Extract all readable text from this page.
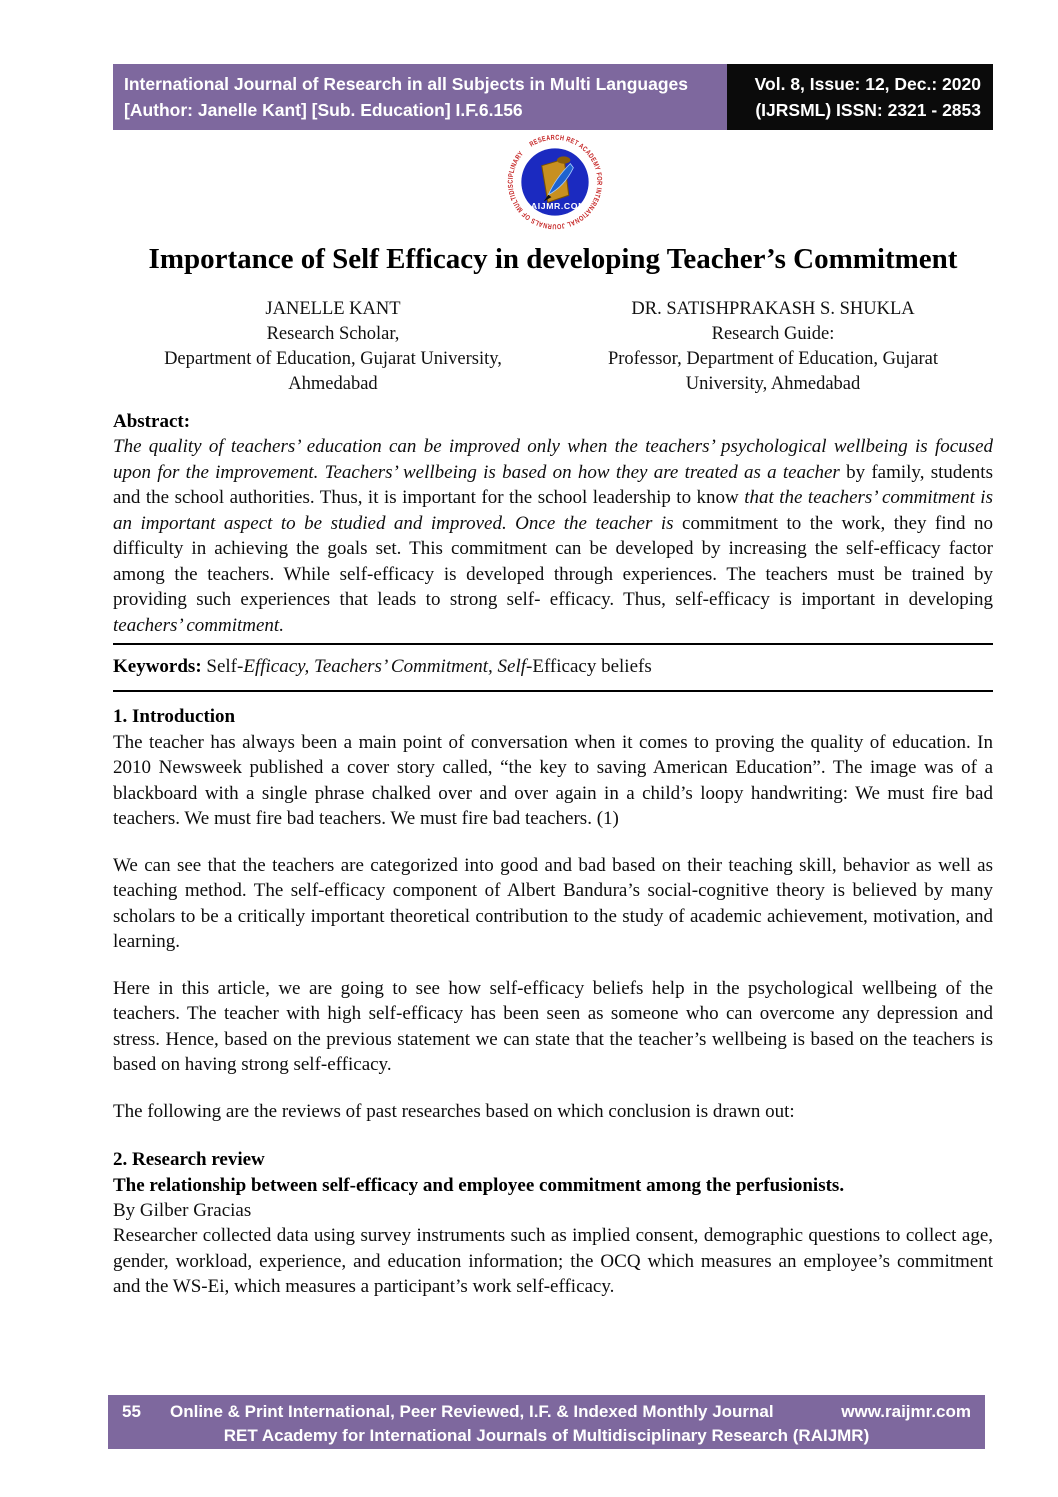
International Journal of Research in all Subjects in Multi Languages
[Author: Janelle Kant] [Sub. Education] I.F.6.156
Vol. 8, Issue: 12, Dec.: 2020
(IJRSML) ISSN: 2321 - 2853
RESEARCH RET ACADEMY FOR INTERNATIONAL JOURNALS OF MULTIDISCIPLINARY
RAIJMR.COM
Importance of Self Efficacy in developing Teacher’s Commitment
JANELLE KANT
Research Scholar,
Department of Education, Gujarat University,
Ahmedabad
DR. SATISHPRAKASH S. SHUKLA
Research Guide:
Professor, Department of Education, Gujarat
University, Ahmedabad
Abstract:

The quality of teachers’ education can be improved only when the teachers’ psychological wellbeing is focused upon for the improvement. Teachers’ wellbeing is based on how they are treated as a teacher by family, students and the school authorities. Thus, it is important for the school leadership to know that the teachers’ commitment is an important aspect to be studied and improved. Once the teacher is commitment to the work, they find no difficulty in achieving the goals set. This commitment can be developed by increasing the self-efficacy factor among the teachers. While self-efficacy is developed through experiences. The teachers must be trained by providing such experiences that leads to strong self- efficacy. Thus, self-efficacy is important in developing teachers’ commitment.

Keywords: Self-Efficacy, Teachers’ Commitment, Self-Efficacy beliefs
1. Introduction

The teacher has always been a main point of conversation when it comes to proving the quality of education. In 2010 Newsweek published a cover story called, “the key to saving American Education”. The image was of a blackboard with a single phrase chalked over and over again in a child’s loopy handwriting: We must fire bad teachers. We must fire bad teachers. We must fire bad teachers. (1)

We can see that the teachers are categorized into good and bad based on their teaching skill, behavior as well as teaching method. The self-efficacy component of Albert Bandura’s social-cognitive theory is believed by many scholars to be a critically important theoretical contribution to the study of academic achievement, motivation, and learning.

Here in this article, we are going to see how self-efficacy beliefs help in the psychological wellbeing of the teachers. The teacher with high self-efficacy has been seen as someone who can overcome any depression and stress. Hence, based on the previous statement we can state that the teacher’s wellbeing is based on the teachers is based on having strong self-efficacy.

The following are the reviews of past researches based on which conclusion is drawn out:

2. Research review
The relationship between self-efficacy and employee commitment among the perfusionists.
By Gilber Gracias

Researcher collected data using survey instruments such as implied consent, demographic questions to collect age, gender, workload, experience, and education information; the OCQ which measures an employee’s commitment and the WS-Ei, which measures a participant’s work self-efficacy.

55	Online & Print International, Peer Reviewed, I.F. & Indexed Monthly Journal	www.raijmr.com
RET Academy for International Journals of Multidisciplinary Research (RAIJMR)
